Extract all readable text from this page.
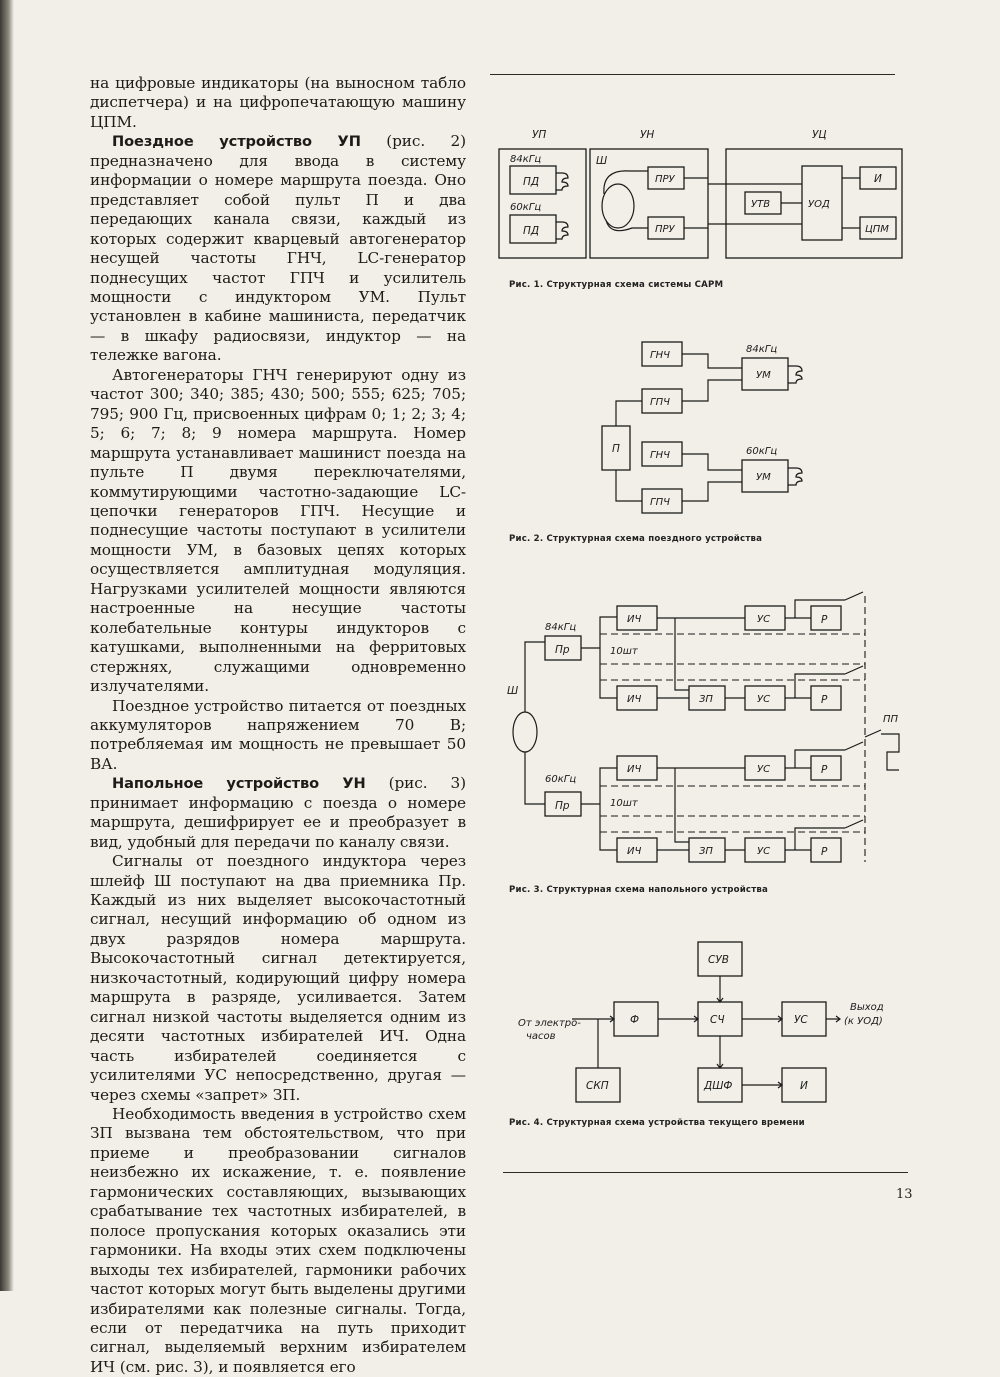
на цифровые индикаторы (на выносном табло диспетчера) и на цифропечатающую машину ЦПМ.

Поездное устройство УП (рис. 2) предназначено для ввода в систему информации о номере маршрута поезда. Оно представляет собой пульт П и два передающих канала связи, каждый из которых содержит кварцевый автогенератор несущей частоты ГНЧ, LC-генератор поднесущих частот ГПЧ и усилитель мощности с индуктором УМ. Пульт установлен в кабине машиниста, передатчик — в шкафу радиосвязи, индуктор — на тележке вагона.

Автогенераторы ГНЧ генерируют одну из частот 300; 340; 385; 430; 500; 555; 625; 705; 795; 900 Гц, присвоенных цифрам 0; 1; 2; 3; 4; 5; 6; 7; 8; 9 номера маршрута. Номер маршрута устанавливает машинист поезда на пульте П двумя переключателями, коммутирующими частотно-задающие LC-цепочки генераторов ГПЧ. Несущие и поднесущие частоты поступают в усилители мощности УМ, в базовых цепях которых осуществляется амплитудная модуляция. Нагрузками усилителей мощности являются настроенные на несущие частоты колебательные контуры индукторов с катушками, выполненными на ферритовых стержнях, служащими одновременно излучателями.

Поездное устройство питается от поездных аккумуляторов напряжением 70 В; потребляемая им мощность не превышает 50 ВА.

Напольное устройство УН (рис. 3) принимает информацию с поезда о номере маршрута, дешифрирует ее и преобразует в вид, удобный для передачи по каналу связи.

Сигналы от поездного индуктора через шлейф Ш поступают на два приемника Пр. Каждый из них выделяет высокочастотный сигнал, несущий информацию об одном из двух разрядов номера маршрута. Высокочастотный сигнал детектируется, низкочастотный, кодирующий цифру номера маршрута в разряде, усиливается. Затем сигнал низкой частоты выделяется одним из десяти частотных избирателей ИЧ. Одна часть избирателей соединяется с усилителями УС непосредственно, другая — через схемы «запрет» ЗП.

Необходимость введения в устройство схем ЗП вызвана тем обстоятельством, что при приеме и преобразовании сигналов неизбежно их искажение, т. е. появление гармонических составляющих, вызывающих срабатывание тех частотных избирателей, в полосе пропускания которых оказались эти гармоники. На входы этих схем подключены выходы тех избирателей, гармоники рабочих частот которых могут быть выделены другими избирателями как полезные сигналы. Тогда, если от передатчика на путь приходит сигнал, выделяемый верхним избирателем ИЧ (см. рис. 3), и появляется его

УП	УН	УЦ
84кГц
ПД
60кГц
ПД
Ш
ПРУ
ПРУ
УТВ	УОД
И
ЦПМ
Рис. 1. Структурная схема системы САРМ
ГНЧ
ГПЧ
ГНЧ
ГПЧ
П
84кГц
УМ
60кГц
УМ
Рис. 2. Структурная схема поездного устройства
Ш
84кГц
Пр
60кГц
Пр
10шт
10шт
ИЧ
ИЧ
ИЧ
ИЧ
ЗП
ЗП
УС
УС
УС
УС
Р
Р
Р
Р
ПП
Рис. 3. Структурная схема напольного устройства
СУВ
Ф	СЧ	УС
СКП	ДШФ	И
От электро-
часов
Выход
(к УОД)
Рис. 4. Структурная схема устройства текущего времени
13
